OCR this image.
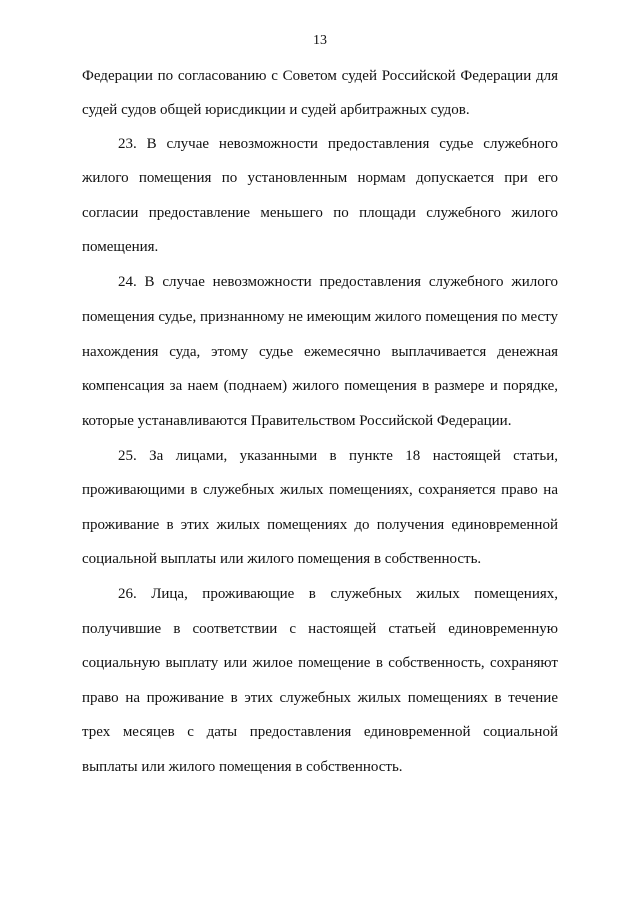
13
Федерации по согласованию с Советом судей Российской Федерации для
судей судов общей юрисдикции и судей арбитражных судов.
23. В случае невозможности предоставления судье служебного
жилого помещения по установленным нормам допускается при его
согласии предоставление меньшего по площади служебного жилого
помещения.
24. В случае невозможности предоставления служебного жилого
помещения судье, признанному не имеющим жилого помещения по месту
нахождения суда, этому судье ежемесячно выплачивается денежная
компенсация за наем (поднаем) жилого помещения в размере и порядке,
которые устанавливаются Правительством Российской Федерации.
25. За лицами, указанными в пункте 18 настоящей статьи,
проживающими в служебных жилых помещениях, сохраняется право на
проживание в этих жилых помещениях до получения единовременной
социальной выплаты или жилого помещения в собственность.
26. Лица, проживающие в служебных жилых помещениях,
получившие в соответствии с настоящей статьей единовременную
социальную выплату или жилое помещение в собственность, сохраняют
право на проживание в этих служебных жилых помещениях в течение
трех месяцев с даты предоставления единовременной социальной
выплаты или жилого помещения в собственность.
